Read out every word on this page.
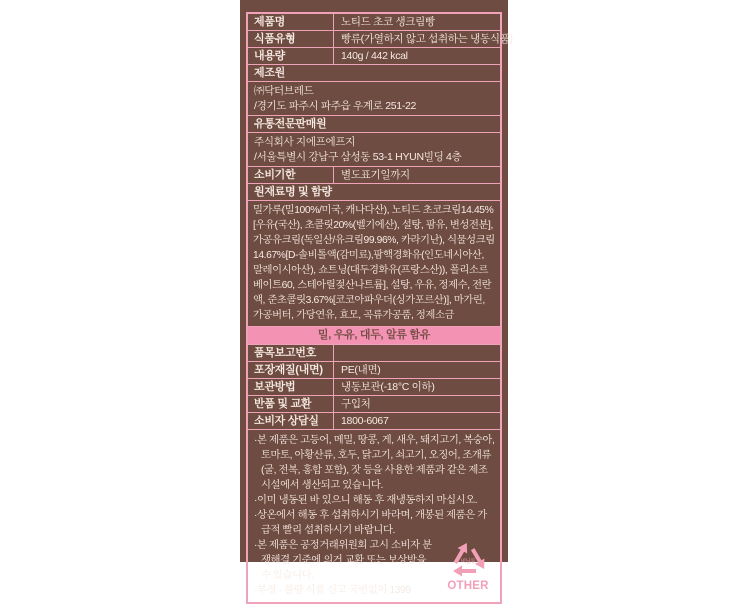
제품명	노티드 초코 생크림빵
식품유형	빵류(가열하지 않고 섭취하는 냉동식품)
내용량	140g / 442 kcal
제조원
㈜닥터브레드
/경기도 파주시 파주읍 우계로 251-22
유통전문판매원
주식회사 지에프에프지
/서울특별시 강남구 삼성동 53-1 HYUN빌딩 4층
소비기한	별도표기일까지
원재료명 및 함량
밀가루(밀100%/미국, 캐나다산), 노티드 초코크림14.45%[우유(국산), 초콜릿20%(벨기에산), 설탕, 팜유, 변성전분], 가공유크림(독일산/유크림99.96%, 카라기난), 식물성크림14.67%[D-솔비톨액(감미료),팜핵경화유(인도네시아산, 말레이시아산), 쇼트닝(대두경화유(프랑스산)), 폴리소르베이트60, 스테아릴젖산나트륨], 설탕, 우유, 정제수, 전란액, 준초콜릿3.67%[코코아파우더(싱가포르산)], 마가린, 가공버터, 가당연유, 효모, 곡류가공품, 정제소금
밀, 우유, 대두, 알류 함유
품목보고번호
포장재질(내면)	PE(내면)
보관방법	냉동보관(-18°C 이하)
반품 및 교환	구입처
소비자 상담실	1800-6067
· 본 제품은 고등어, 메밀, 땅콩, 게, 새우, 돼지고기, 복숭아, 토마토, 아황산류, 호두, 닭고기, 쇠고기, 오징어, 조개류(굴, 전복, 홍합 포함), 잣 등을 사용한 제품과 같은 제조시설에서 생산되고 있습니다.
· 이미 냉동된 바 있으니 해동 후 재냉동하지 마십시오.
· 상온에서 해동 후 섭취하시기 바라며, 개봉된 제품은 가급적 빨리 섭취하시기 바랍니다.
· 본 제품은 공정거래위원회 고시 소비자 분쟁해결 기준에 의거 교환 또는 보상받을 수 있습니다.
· 부정 · 불량 식품 신고 국번없이 1399
비닐류
OTHER
